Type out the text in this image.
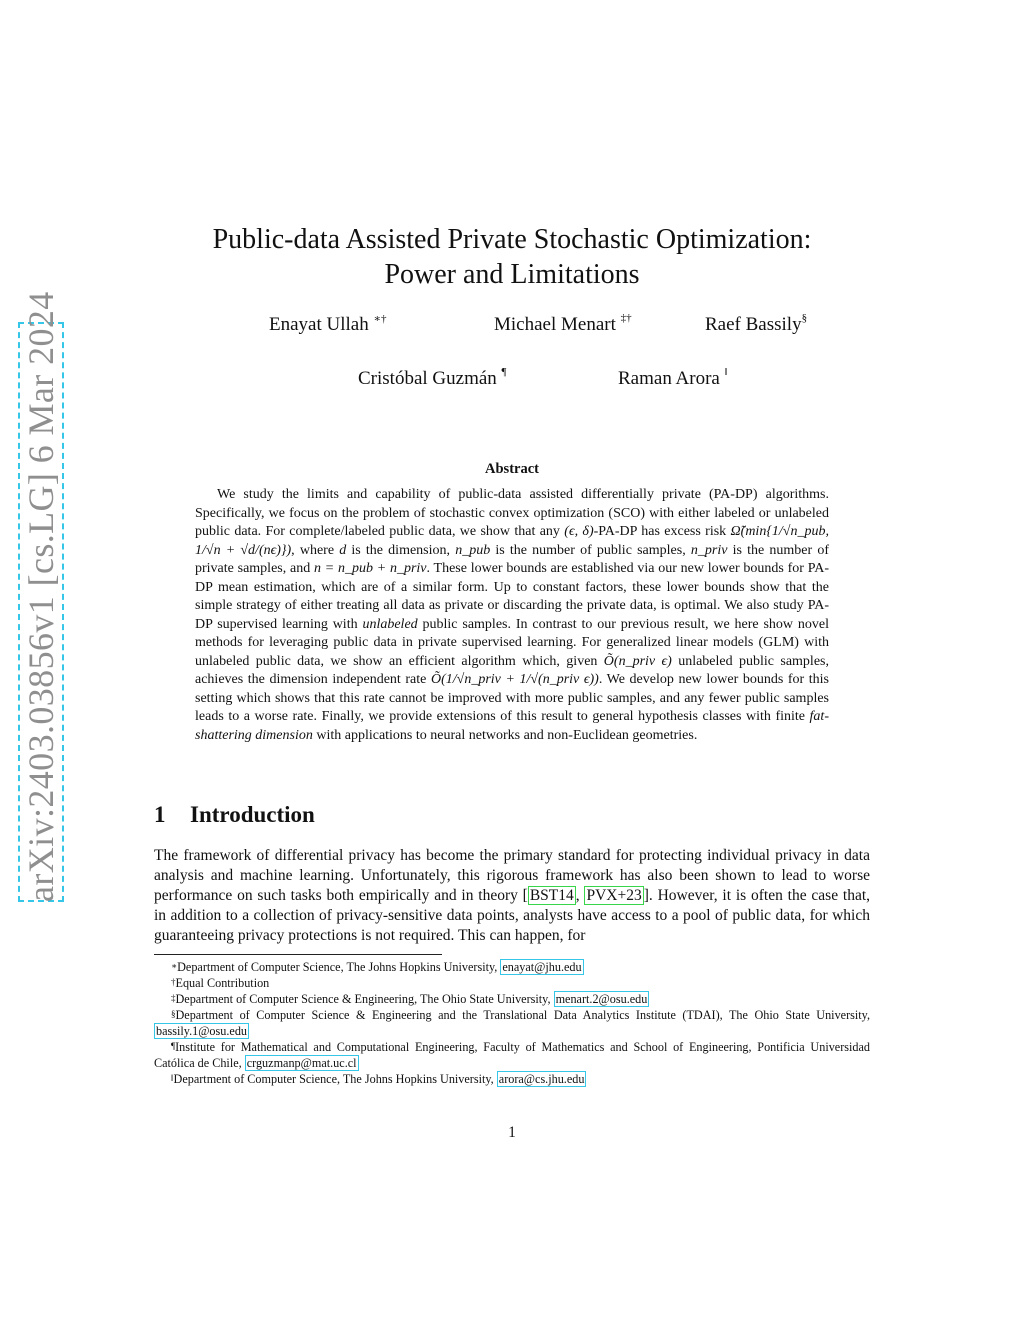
arXiv:2403.03856v1 [cs.LG] 6 Mar 2024
Public-data Assisted Private Stochastic Optimization:
Power and Limitations
Enayat Ullah ∗†	Michael Menart ‡†	Raef Bassily§
Cristóbal Guzmán ¶	Raman Arora ‖
Abstract

We study the limits and capability of public-data assisted differentially private (PA-DP) algorithms. Specifically, we focus on the problem of stochastic convex optimization (SCO) with either labeled or unlabeled public data. For complete/labeled public data, we show that any (ϵ, δ)-PA-DP has excess risk Ω̃(min{1/√n_pub, 1/√n + √d/(nϵ)}), where d is the dimension, n_pub is the number of public samples, n_priv is the number of private samples, and n = n_pub + n_priv. These lower bounds are established via our new lower bounds for PA-DP mean estimation, which are of a similar form. Up to constant factors, these lower bounds show that the simple strategy of either treating all data as private or discarding the private data, is optimal. We also study PA-DP supervised learning with unlabeled public samples. In contrast to our previous result, we here show novel methods for leveraging public data in private supervised learning. For generalized linear models (GLM) with unlabeled public data, we show an efficient algorithm which, given Õ(n_priv ϵ) unlabeled public samples, achieves the dimension independent rate Õ(1/√n_priv + 1/√(n_priv ϵ)). We develop new lower bounds for this setting which shows that this rate cannot be improved with more public samples, and any fewer public samples leads to a worse rate. Finally, we provide extensions of this result to general hypothesis classes with finite fat-shattering dimension with applications to neural networks and non-Euclidean geometries.

1 Introduction

The framework of differential privacy has become the primary standard for protecting individual privacy in data analysis and machine learning. Unfortunately, this rigorous framework has also been shown to lead to worse performance on such tasks both empirically and in theory [ BST14 , PVX+23 ]. However, it is often the case that, in addition to a collection of privacy-sensitive data points, analysts have access to a pool of public data, for which guaranteeing privacy protections is not required. This can happen, for

∗Department of Computer Science, The Johns Hopkins University, enayat@jhu.edu

†Equal Contribution

‡Department of Computer Science & Engineering, The Ohio State University, menart.2@osu.edu

§Department of Computer Science & Engineering and the Translational Data Analytics Institute (TDAI), The Ohio State University, bassily.1@osu.edu

¶Institute for Mathematical and Computational Engineering, Faculty of Mathematics and School of Engineering, Pontificia Universidad Católica de Chile, crguzmanp@mat.uc.cl

‖Department of Computer Science, The Johns Hopkins University, arora@cs.jhu.edu

1
